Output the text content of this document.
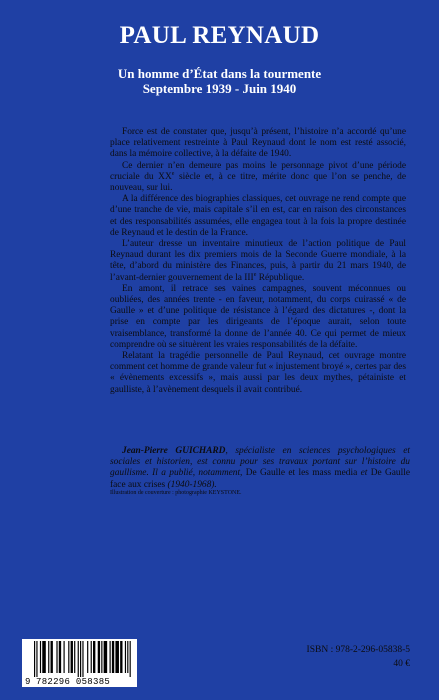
PAUL REYNAUD
Un homme d’État dans la tourmente
Septembre 1939 - Juin 1940

Force est de constater que, jusqu’à présent, l’histoire n’a accordé qu’une place relativement restreinte à Paul Reynaud dont le nom est resté associé, dans la mémoire collective, à la défaite de 1940.

Ce dernier n’en demeure pas moins le personnage pivot d’une période cruciale du XXe siècle et, à ce titre, mérite donc que l’on se penche, de nouveau, sur lui.

A la différence des biographies classiques, cet ouvrage ne rend compte que d’une tranche de vie, mais capitale s’il en est, car en raison des circonstances et des responsabilités assumées, elle engagea tout à la fois la propre destinée de Reynaud et le destin de la France.

L’auteur dresse un inventaire minutieux de l’action politique de Paul Reynaud durant les dix premiers mois de la Seconde Guerre mondiale, à la tête, d’abord du ministère des Finances, puis, à partir du 21 mars 1940, de l’avant-dernier gouvernement de la IIIe République.

En amont, il retrace ses vaines campagnes, souvent méconnues ou oubliées, des années trente - en faveur, notamment, du corps cuirassé « de Gaulle » et d’une politique de résistance à l’égard des dictatures -, dont la prise en compte par les dirigeants de l’époque aurait, selon toute vraisemblance, transformé la donne de l’année 40. Ce qui permet de mieux comprendre où se situèrent les vraies responsabilités de la défaite.

Relatant la tragédie personnelle de Paul Reynaud, cet ouvrage montre comment cet homme de grande valeur fut « injustement broyé », certes par des « évènements excessifs », mais aussi par les deux mythes, pétainiste et gaulliste, à l’avènement desquels il avait contribué.

Jean-Pierre GUICHARD, spécialiste en sciences psychologiques et sociales et historien, est connu pour ses travaux portant sur l’histoire du gaullisme. Il a publié, notamment, De Gaulle et les mass media et De Gaulle face aux crises (1940-1968).

Illustration de couverture : photographie KEYSTONE.
9 782296 058385
ISBN : 978-2-296-05838-5
40 €
